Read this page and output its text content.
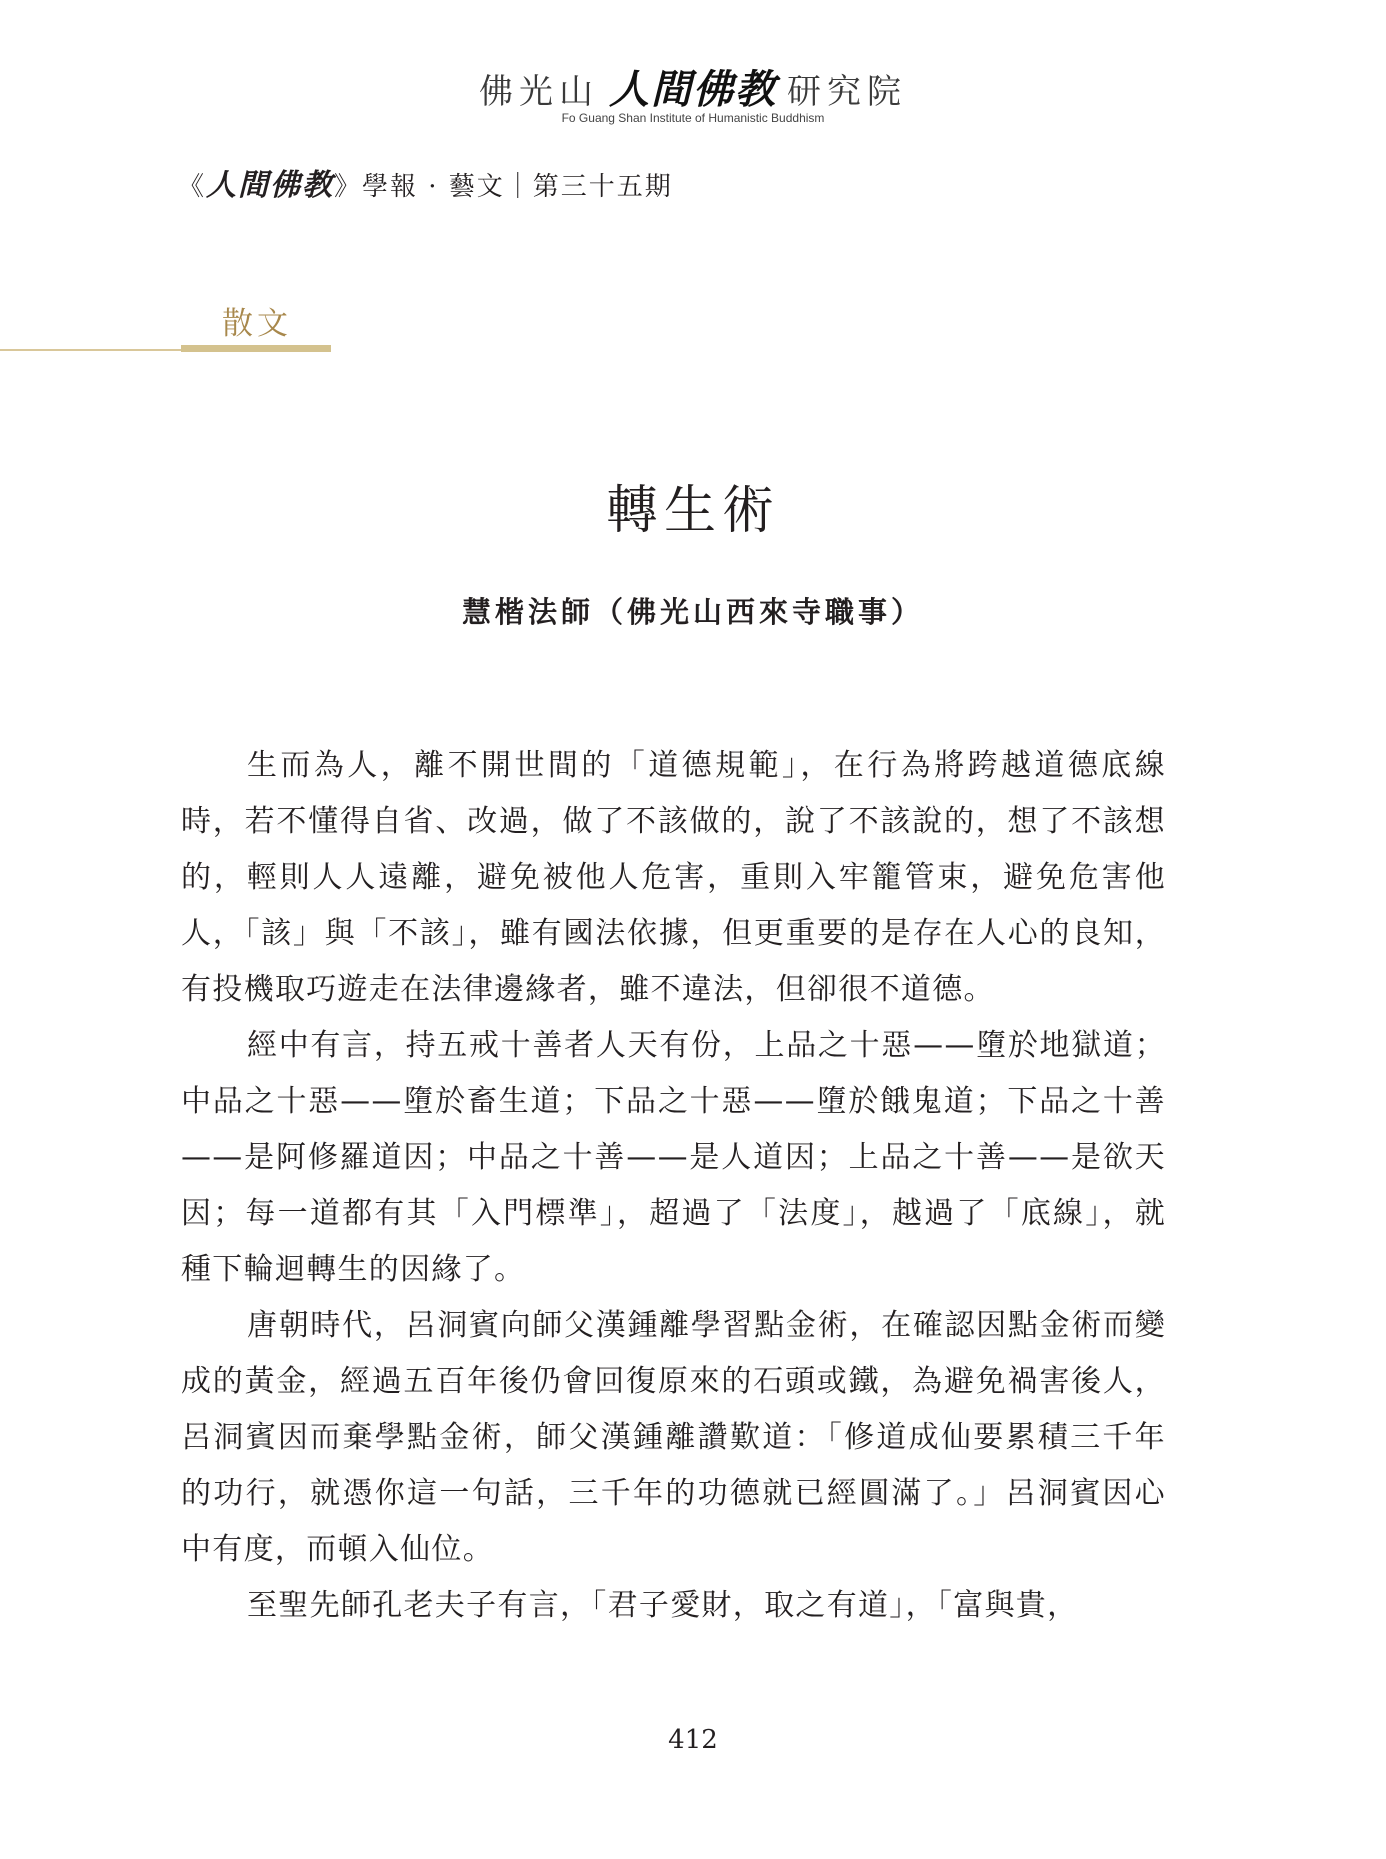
佛光山 人間佛教 研究院
Fo Guang Shan Institute of Humanistic Buddhism
《人間佛教》學報 · 藝文｜第三十五期
散文
轉生術
慧楷法師（佛光山西來寺職事）

生而為人，離不開世間的「道德規範」，在行為將跨越道德底線時，若不懂得自省、改過，做了不該做的，說了不該說的，想了不該想的，輕則人人遠離，避免被他人危害，重則入牢籠管束，避免危害他人，「該」與「不該」，雖有國法依據，但更重要的是存在人心的良知，有投機取巧遊走在法律邊緣者，雖不違法，但卻很不道德。

經中有言，持五戒十善者人天有份，上品之十惡——墮於地獄道；中品之十惡——墮於畜生道；下品之十惡——墮於餓鬼道；下品之十善——是阿修羅道因；中品之十善——是人道因；上品之十善——是欲天因；每一道都有其「入門標準」，超過了「法度」，越過了「底線」，就種下輪迴轉生的因緣了。

唐朝時代，呂洞賓向師父漢鍾離學習點金術，在確認因點金術而變成的黃金，經過五百年後仍會回復原來的石頭或鐵，為避免禍害後人，呂洞賓因而棄學點金術，師父漢鍾離讚歎道：「修道成仙要累積三千年的功行，就憑你這一句話，三千年的功德就已經圓滿了。」呂洞賓因心中有度，而頓入仙位。

至聖先師孔老夫子有言，「君子愛財，取之有道」，「富與貴，

412
